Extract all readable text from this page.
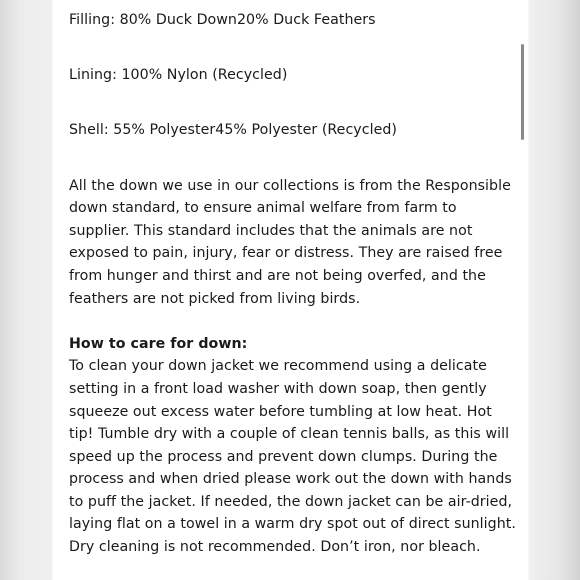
Filling: 80% Duck Down20% Duck Feathers

Lining: 100% Nylon (Recycled)

Shell: 55% Polyester45% Polyester (Recycled)

All the down we use in our collections is from the Responsible down standard, to ensure animal welfare from farm to supplier. This standard includes that the animals are not exposed to pain, injury, fear or distress. They are raised free from hunger and thirst and are not being overfed, and the feathers are not picked from living birds.

How to care for down:

To clean your down jacket we recommend using a delicate setting in a front load washer with down soap, then gently squeeze out excess water before tumbling at low heat. Hot tip! Tumble dry with a couple of clean tennis balls, as this will speed up the process and prevent down clumps. During the process and when dried please work out the down with hands to puff the jacket. If needed, the down jacket can be air-dried, laying flat on a towel in a warm dry spot out of direct sunlight. Dry cleaning is not recommended. Don’t iron, nor bleach.
